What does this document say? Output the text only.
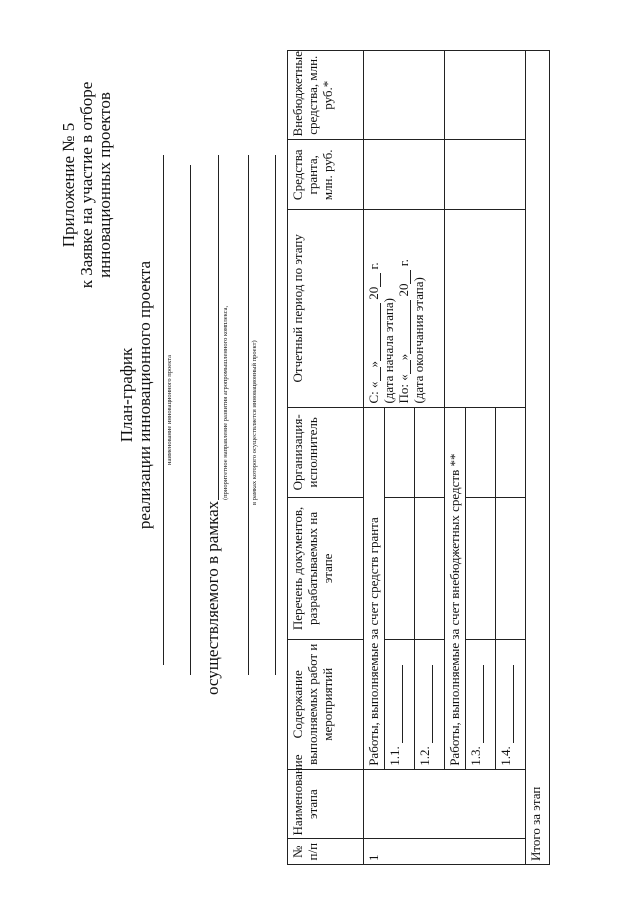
Приложение № 5 к Заявке на участие в отборе инновационных проектов
План-график реализации инновационного проекта наименование инновационного проекта
осуществляемого в рамках
(приоритетное направление развития агропромышленного комплекса,	в рамках которого осуществляется инновационный проект)
№ п/п	Наименование этапа	Содержание выполняемых работ и мероприятий	Перечень документов, разрабатываемых на этапе	Организация-исполнитель	Отчетный период по этапу	Средства гранта, млн. руб.	Внебюджетные средства, млн. руб.*
1		Работы, выполняемые за счет средств гранта			С: «» 20 г.
(дата начала этапа) По: «» 20 г.
(дата окончания этапа)		

		1.1.					
		1.2.					
		Работы, выполняемые за счет внебюджетных средств **					
		1.3.					
		1.4.					
Итого за этап							
